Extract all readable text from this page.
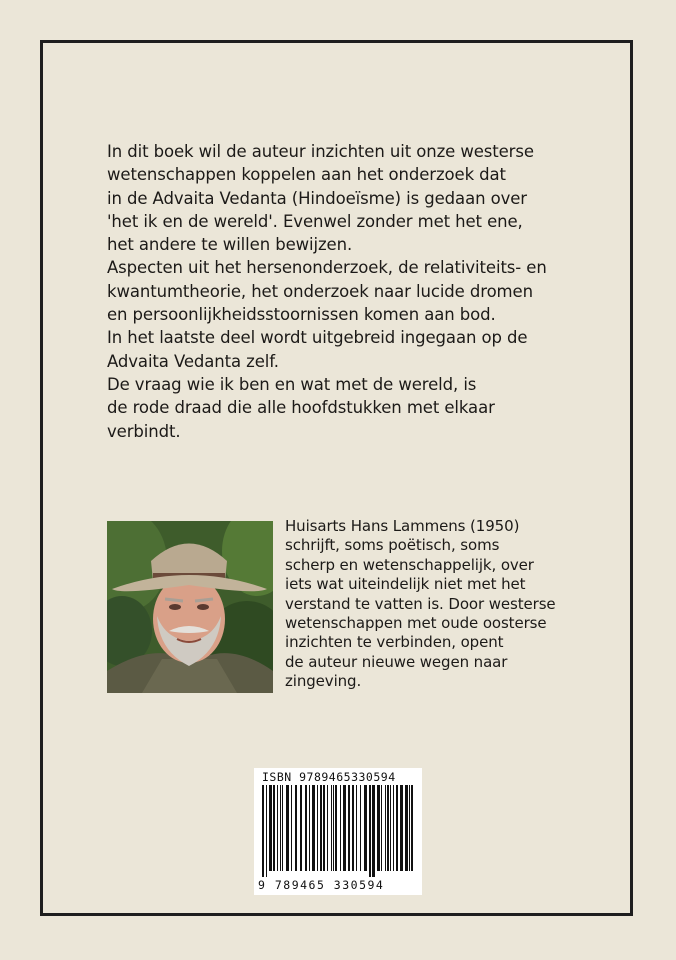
In dit boek wil de auteur inzichten uit onze westerse
wetenschappen koppelen aan het onderzoek dat
in de Advaita Vedanta (Hindoeïsme) is gedaan over
'het ik en de wereld'. Evenwel zonder met het ene,
het andere te willen bewijzen.
Aspecten uit het hersenonderzoek, de relativiteits- en
kwantumtheorie, het onderzoek naar lucide dromen
en persoonlijkheidsstoornissen komen aan bod.
In het laatste deel wordt uitgebreid ingegaan op de
Advaita Vedanta zelf.
De vraag wie ik ben en wat met de wereld, is
de rode draad die alle hoofdstukken met elkaar
verbindt.
Huisarts Hans Lammens (1950)
schrijft, soms poëtisch, soms
scherp en wetenschappelijk, over
iets wat uiteindelijk niet met het
verstand te vatten is. Door westerse
wetenschappen met oude oosterse
inzichten te verbinden, opent
de auteur nieuwe wegen naar
zingeving.
ISBN 9789465330594
9 789465 330594
